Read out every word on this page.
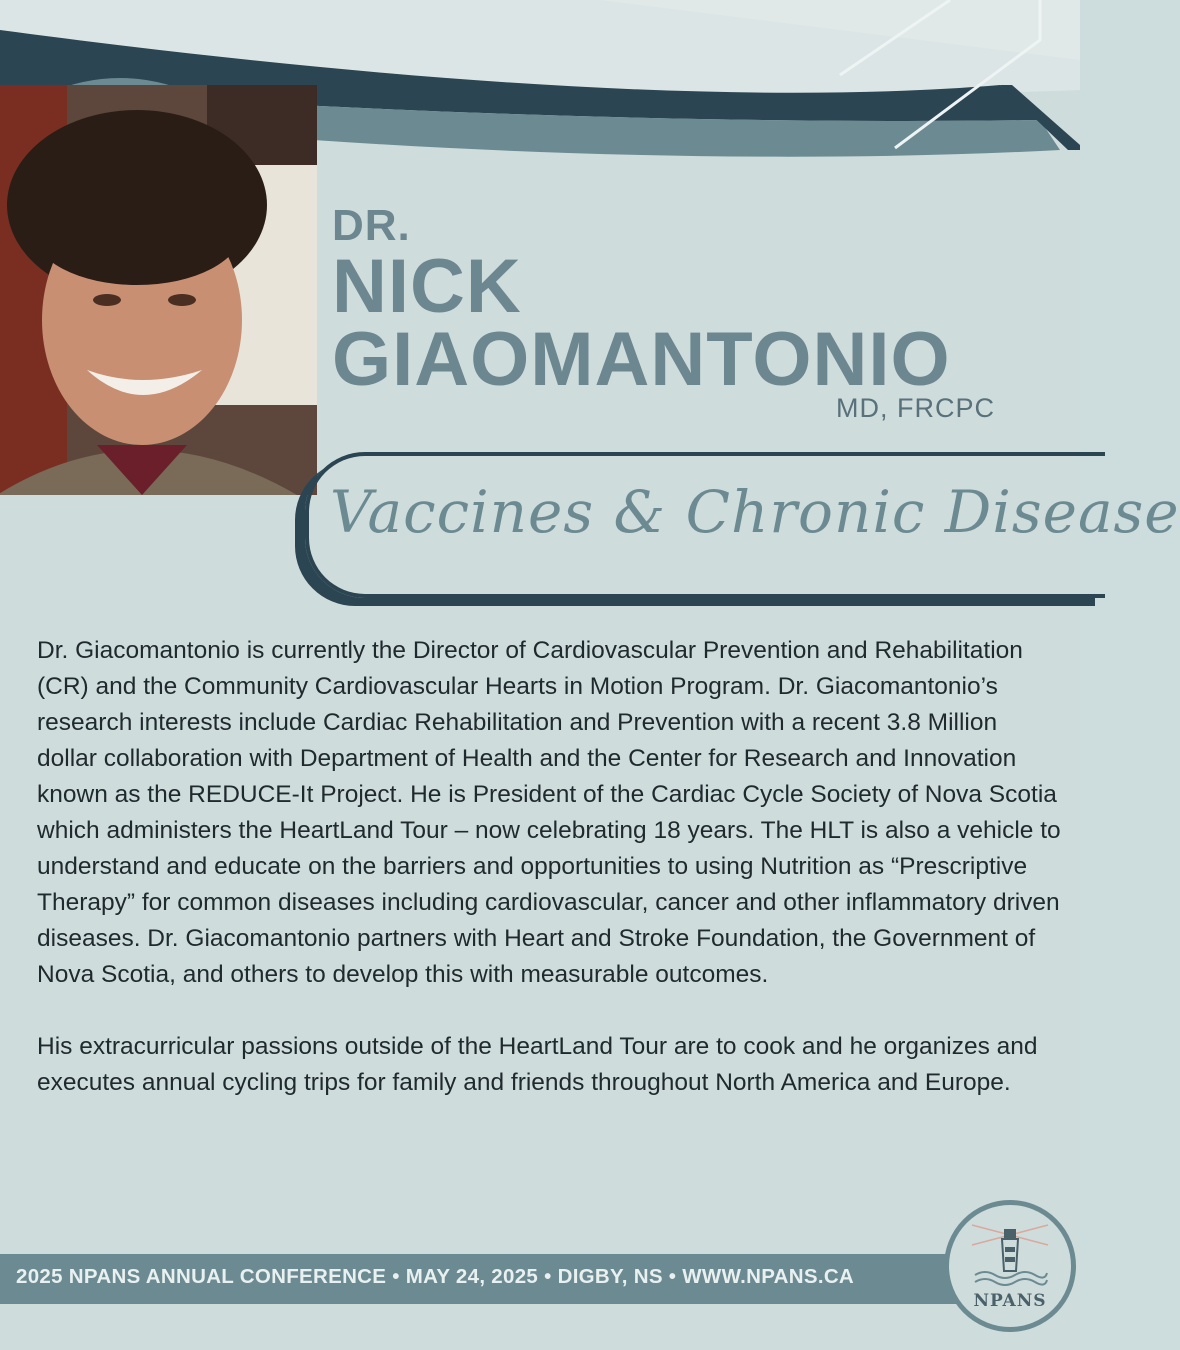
DR.
NICK
GIAOMANTONIO
MD, FRCPC
Vaccines & Chronic Disease

Dr. Giacomantonio is currently the Director of Cardiovascular Prevention and Rehabilitation (CR) and the Community Cardiovascular Hearts in Motion Program. Dr. Giacomantonio’s research interests include Cardiac Rehabilitation and Prevention with a recent 3.8 Million dollar collaboration with Department of Health and the Center for Research and Innovation known as the REDUCE-It Project. He is President of the Cardiac Cycle Society of Nova Scotia which administers the HeartLand Tour – now celebrating 18 years. The HLT is also a vehicle to understand and educate on the barriers and opportunities to using Nutrition as “Prescriptive Therapy” for common diseases including cardiovascular, cancer and other inflammatory driven diseases. Dr. Giacomantonio partners with Heart and Stroke Foundation, the Government of Nova Scotia, and others to develop this with measurable outcomes.

His extracurricular passions outside of the HeartLand Tour are to cook and he organizes and executes annual cycling trips for family and friends throughout North America and Europe.

2025 NPANS ANNUAL CONFERENCE • MAY 24, 2025 • DIGBY, NS • WWW.NPANS.CA
NPANS
